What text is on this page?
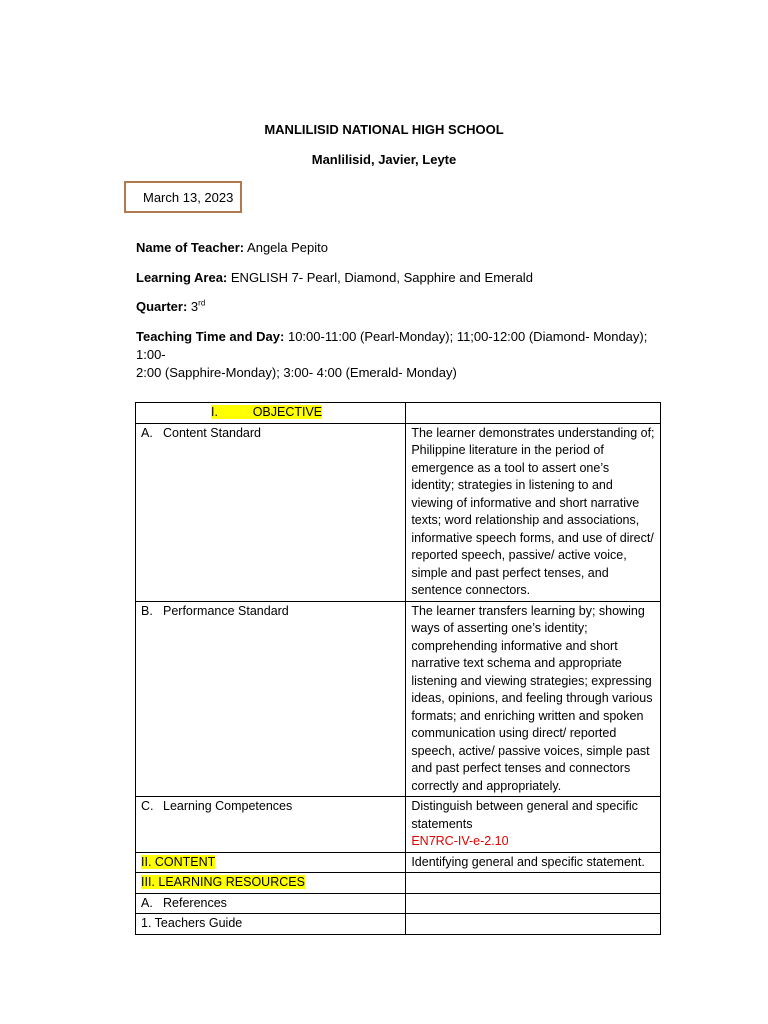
MANLILISID NATIONAL HIGH SCHOOL
Manlilisid, Javier, Leyte
March 13, 2023
Name of Teacher: Angela Pepito
Learning Area: ENGLISH 7- Pearl, Diamond, Sapphire and Emerald
Quarter: 3rd
Teaching Time and Day: 10:00-11:00 (Pearl-Monday); 11;00-12:00 (Diamond- Monday); 1:00-
2:00 (Sapphire-Monday); 3:00- 4:00 (Emerald- Monday)
I. OBJECTIVE	

A. Content Standard	The learner demonstrates understanding of; Philippine literature in the period of emergence as a tool to assert one’s identity; strategies in listening to and viewing of informative and short narrative texts; word relationship and associations, informative speech forms, and use of direct/ reported speech, passive/ active voice, simple and past perfect tenses, and sentence connectors.
B. Performance Standard	The learner transfers learning by; showing ways of asserting one’s identity; comprehending informative and short narrative text schema and appropriate listening and viewing strategies; expressing ideas, opinions, and feeling through various formats; and enriching written and spoken communication using direct/ reported speech, active/ passive voices, simple past and past perfect tenses and connectors correctly and appropriately.
C. Learning Competences	Distinguish between general and specific statements
EN7RC-IV-e-2.10

II. CONTENT	Identifying general and specific statement.
III. LEARNING RESOURCES	
A. References	
1. Teachers Guide	
